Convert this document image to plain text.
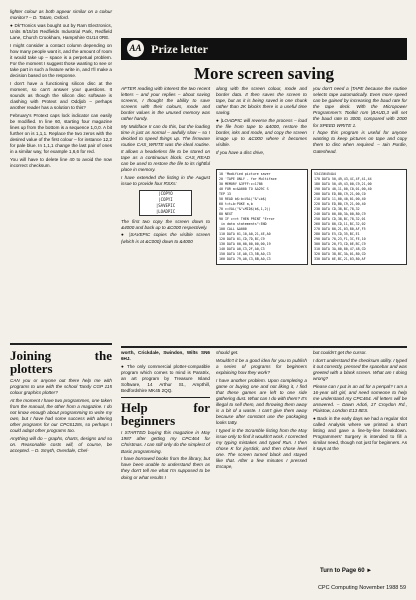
lighter colour as both appear similar on a colour monitor? – D. Tatam, Oxford.

● Dk'Tronics was bought out by Ram Electronics, Units 8/15/16 Redfields Industrial Park, Redfield Lane, Church Crookham, Hampshire GU14 0RE.

I might consider a contact column depending on how many people want it, and the amount of room it would take up – space is a perpetual problem. For the moment I suggest those wanting to see or take part in such a feature write in, and I'll make a decision based on the response.

I don't have a functioning silicon disc at the moment, so can't answer your questions. It sounds as though the silicon disc software is clashing with Protext and Oddjob – perhaps another reader has a solution to this?

February's Protext caps lock indicator can easily be modified. In line 60, starting four magazine lines up from the bottom is a sequence 1,0,0. A bit further on is 1,1,1. Replace the two zeros with the desired value of the first colour – for instance 12,2 for pale blue. In 1,1,1 change the last pair of ones in a similar way, for example 1,6,6 for red.

You will have to delete line 40 to avoid the now incorrect checksum.

Joining the plotters

CAN you or anyone out there help me with programs to use with the school Tandy CGP 115 colour graphics plotter?

At the moment I have two programmes, one taken from the manual, the other from a magazine. I do not know enough about programming to write my own, but I have had some success with altering other programs for our CPC6128s, so perhaps I could adapt other programs too.

Anything will do – graphs, charts, designs and so on. Reasonable costs will, of course, be accepted. – D. Smyth, Overdale, Chel-

AA Prize letter
More screen saving

AFTER reading with interest the two recent letters – and your replies – about saving screens, I thought the ability to save screens with their colours, mode and border values in the unused memory was rather handy.

My Multiface II can do this, but the loading time is just as normal – awfully slow – so I decided to speed things up. The firmware routine CAS_WRITE was the ideal routine. It allows a headerless file to be stored on tape as a continuous block. CAS_READ can be used to restore the file to its rightful place in memory.

I have extended the listing in the August issue to provide four RSXs:

|COPYO
|COPYI
|SAVEPIC
|LOADPIC

The first two copy the screen down to &4000 and back up to &C000 respectively.

● |SAVEPIC copies the visible screen (which is at &C000) down to &4000

along with the screen colour, mode and border data. It then saves the screen to tape, but as it is being saved in one chunk rather than 2K blocks there is a useful time saving.

● |LOADPIC will reverse the process – load the file from tape to &4000, restore the border, inks and mode, and copy the screen image up to &C000 where it becomes visible.

If you have a disc drive,

you don't need a |TAPE because the routine selects tape automatically. Even more speed can be gained by increasing the baud rate for the tape deck. With the Micropower Programmer's Toolkit rom |BAUD,3 will set the baud rate to 3000, compared with 2000 for SPEED WRITE 1.

I hope this program is useful for anyone wanting to keep pictures on tape and copy them to disc when required. – Iain Purdie, Gateshead.

10 'Modified picture saver
20 'TAPE ONLY - for Multiface
30 MEMORY &3FFF:c=1786
40 FOR a=&A000 TO &A29C S
TEP 13
50 READ b$:b=VAL("&"+b$)
60 t=t+b:POKE a,b
70 c=VAL("&"+MID$(b$,1,2))
80 NEXT
90 IF c<>t THEN PRINT "Error
in data statements":END
100 CALL &A000
110 DATA 01,10,A0,21,4E,A0
120 DATA 01,CD,7D,BC,C9
130 DATA 00,00,00,00,00,19
140 DATA A0,C3,2F,A0,C3
150 DATA 1E,A0,C3,5B,A0,C3
160 DATA 79,A0,C3,8B,A0,C3
534156454A4
170 DATA 50,49,43,4C,4F,41,44
180 DATA 50,49,43,00,C9,21,00
190 DATA 40,11,00,C0,01,00,40
200 DATA ED,B0,C9,21,00,C0
210 DATA 11,00,40,01,00,40
220 DATA ED,B0,C9,21,00,40
230 DATA CD,38,BC,78,32
240 DATA 00,80,3A,00,80,C9
250 DATA CD,38,BC,78,32,01
260 DATA 80,CD,11,BC,32,02
270 DATA 80,21,03,80,AF,F5
280 DATA E5,CD,35,BC,E1
290 DATA 70,23,F1,3C,FE,10
300 DATA 20,F3,CD,0E,BC,C9
310 DATA 3A,00,80,47,48,CD
320 DATA 38,BC,3A,01,80,CD
330 DATA 0E,BC,21,03,80,AF

worth, Crickdale, Swindon, Wilts SN6 6HJ.

● The only commercial plotter-compatible program which comes to mind is Paratrix, an art program by Treasure Island Software, 14 Arthur St., Ampthill, Bedfordshire MK45 2QQ.

Help for beginners

I STARTED buying this magazine in May 1987 after getting my CPC464 for Christmas. I can still only do the simplest of Basic programming.

I have borrowed books from the library, but have been unable to understand them as they don't tell me what I'm supposed to be doing or what results I

should get.

Wouldn't it be a good idea for you to publish a series of programs for beginners explaining how they work?

I have another problem. Upon completing a game or buying one and not liking it, I find that these games are left to one side gathering dust. What can I do with them? It's illegal to sell them, and throwing them away is a bit of a waste. I can't give them away because after constant use the packaging looks tatty.

I typed in the Scramble listing from the May issue only to find it wouldn't work. I corrected my typing mistakes and typed Run. I then chose K for joystick, and then chose level one. The screen turned black and stayed like that. After a few minutes I pressed Escape,

but couldn't get the cursor.

I don't understand the checksum utility. I typed it out correctly, pressed the spacebar and was greeted with a blank screen. What am I doing wrong?

Please can I put in an ad for a penpal? I am a 16-year old girl, and need someone to help me understand my CPC464. All letters will be answered. – Dawn Adoti, 17 Croydon Rd., Plaistow, London E13 8ES.

● Back in the early days we had a regular slot called Analysis where we printed a short listing and gave a line-by-line breakdown. Programmers' Surgery is intended to fill a similar need, though not just for beginners. As it says at the

Turn to Page 60 ►
CPC Computing November 1988 59
